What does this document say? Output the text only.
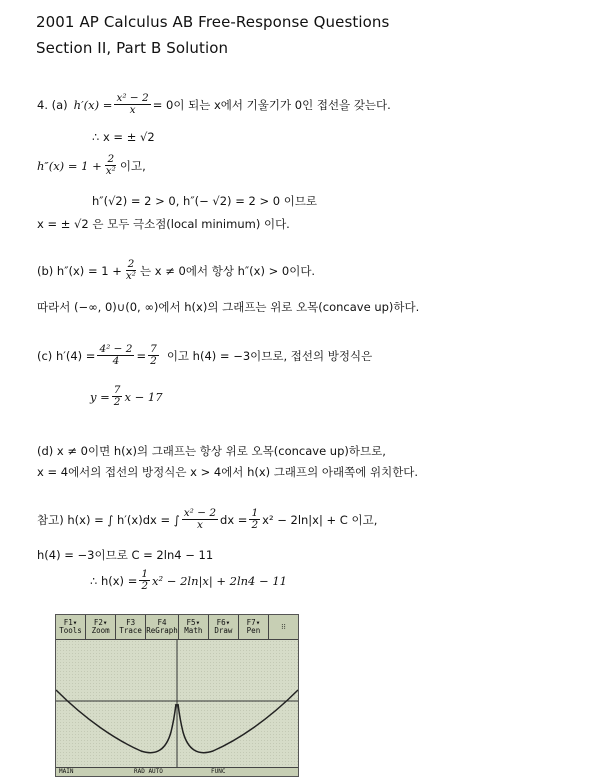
2001 AP Calculus AB Free-Response Questions
Section II, Part B Solution
4. (a) $h'(x) = \frac{\text{x² − 2}}{x} = 0$이 되는 x에서 기울기가 0인 접선을 갖는다.
∴ x = ± √2
$h''(x) = 1 + \frac{2}{\text{x²}}$ 이고,
h″(√2) = 2 > 0, h″(− √2) = 2 > 0 이므로
x = ± √2 은 모두 극소점(local minimum) 이다.
(b) $h''(x) = 1 + \frac{2}{\text{x²}}$ 는 x ≠ 0에서 항상 h″(x) > 0이다.
따라서 (−∞, 0)∪(0, ∞)에서 h(x)의 그래프는 위로 오목(concave up)하다.
(c) $h'(4) = \frac{\text{4² − 2}}{4} = \frac{7}{2}$ 이고 h(4) = −3이므로, 접선의 방정식은
$y = \frac{7}{2}$ x − 17
(d) x ≠ 0이면 h(x)의 그래프는 항상 위로 오목(concave up)하므로,
x = 4에서의 접선의 방정식은 x > 4에서 h(x) 그래프의 아래쪽에 위치한다.
참고) h(x) = ∫ h′(x)dx = ∫ $\frac{\text{x² − 2}}{x}$ dx = $\frac{1}{2} x^2 - 2\ln|x| + C$ 이고,
h(4) = −3이므로 C = 2ln4 − 11
∴ $h(x) = \frac{1}{2} x^2 - 2\ln|x| + 2\ln 4 - 11$
F1▾
Tools
F2▾
Zoom
F3
Trace
F4
ReGraph
F5▾
Math
F6▾
Draw
F7▾
Pen	⁝⁝
MAIN	RAD AUTO	FUNC
